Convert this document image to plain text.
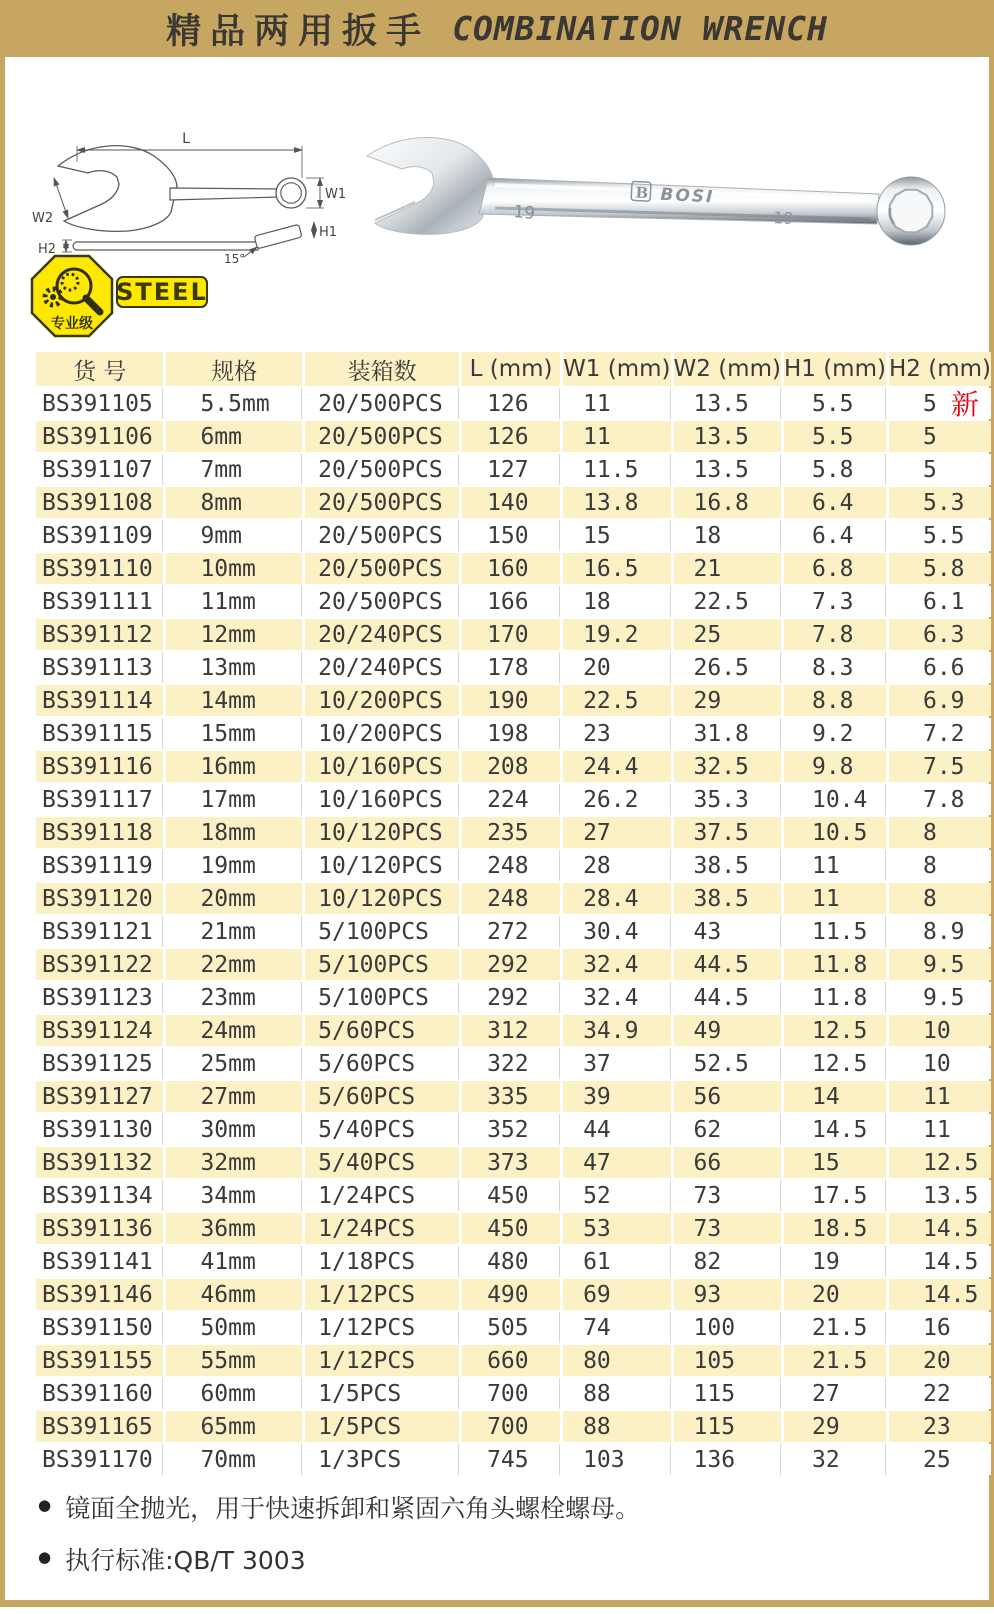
精品两用扳手 COMBINATION WRENCH
L
W1
W2
H2
H1
15°
19
B BOSI
19
专业级
STEEL
货 号	规格	装箱数	L (mm)	W1 (mm)	W2 (mm)	H1 (mm)	H2 (mm)
BS391105	5.5mm	20/500PCS	126	11	13.5	5.5	5
BS391106	6mm	20/500PCS	126	11	13.5	5.5	5
BS391107	7mm	20/500PCS	127	11.5	13.5	5.8	5
BS391108	8mm	20/500PCS	140	13.8	16.8	6.4	5.3
BS391109	9mm	20/500PCS	150	15	18	6.4	5.5
BS391110	10mm	20/500PCS	160	16.5	21	6.8	5.8
BS391111	11mm	20/500PCS	166	18	22.5	7.3	6.1
BS391112	12mm	20/240PCS	170	19.2	25	7.8	6.3
BS391113	13mm	20/240PCS	178	20	26.5	8.3	6.6
BS391114	14mm	10/200PCS	190	22.5	29	8.8	6.9
BS391115	15mm	10/200PCS	198	23	31.8	9.2	7.2
BS391116	16mm	10/160PCS	208	24.4	32.5	9.8	7.5
BS391117	17mm	10/160PCS	224	26.2	35.3	10.4	7.8
BS391118	18mm	10/120PCS	235	27	37.5	10.5	8
BS391119	19mm	10/120PCS	248	28	38.5	11	8
BS391120	20mm	10/120PCS	248	28.4	38.5	11	8
BS391121	21mm	5/100PCS	272	30.4	43	11.5	8.9
BS391122	22mm	5/100PCS	292	32.4	44.5	11.8	9.5
BS391123	23mm	5/100PCS	292	32.4	44.5	11.8	9.5
BS391124	24mm	5/60PCS	312	34.9	49	12.5	10
BS391125	25mm	5/60PCS	322	37	52.5	12.5	10
BS391127	27mm	5/60PCS	335	39	56	14	11
BS391130	30mm	5/40PCS	352	44	62	14.5	11
BS391132	32mm	5/40PCS	373	47	66	15	12.5
BS391134	34mm	1/24PCS	450	52	73	17.5	13.5
BS391136	36mm	1/24PCS	450	53	73	18.5	14.5
BS391141	41mm	1/18PCS	480	61	82	19	14.5
BS391146	46mm	1/12PCS	490	69	93	20	14.5
BS391150	50mm	1/12PCS	505	74	100	21.5	16
BS391155	55mm	1/12PCS	660	80	105	21.5	20
BS391160	60mm	1/5PCS	700	88	115	27	22
BS391165	65mm	1/5PCS	700	88	115	29	23
BS391170	70mm	1/3PCS	745	103	136	32	25
新
● 镜面全抛光，用于快速拆卸和紧固六角头螺栓螺母。
● 执行标准:QB/T 3003
